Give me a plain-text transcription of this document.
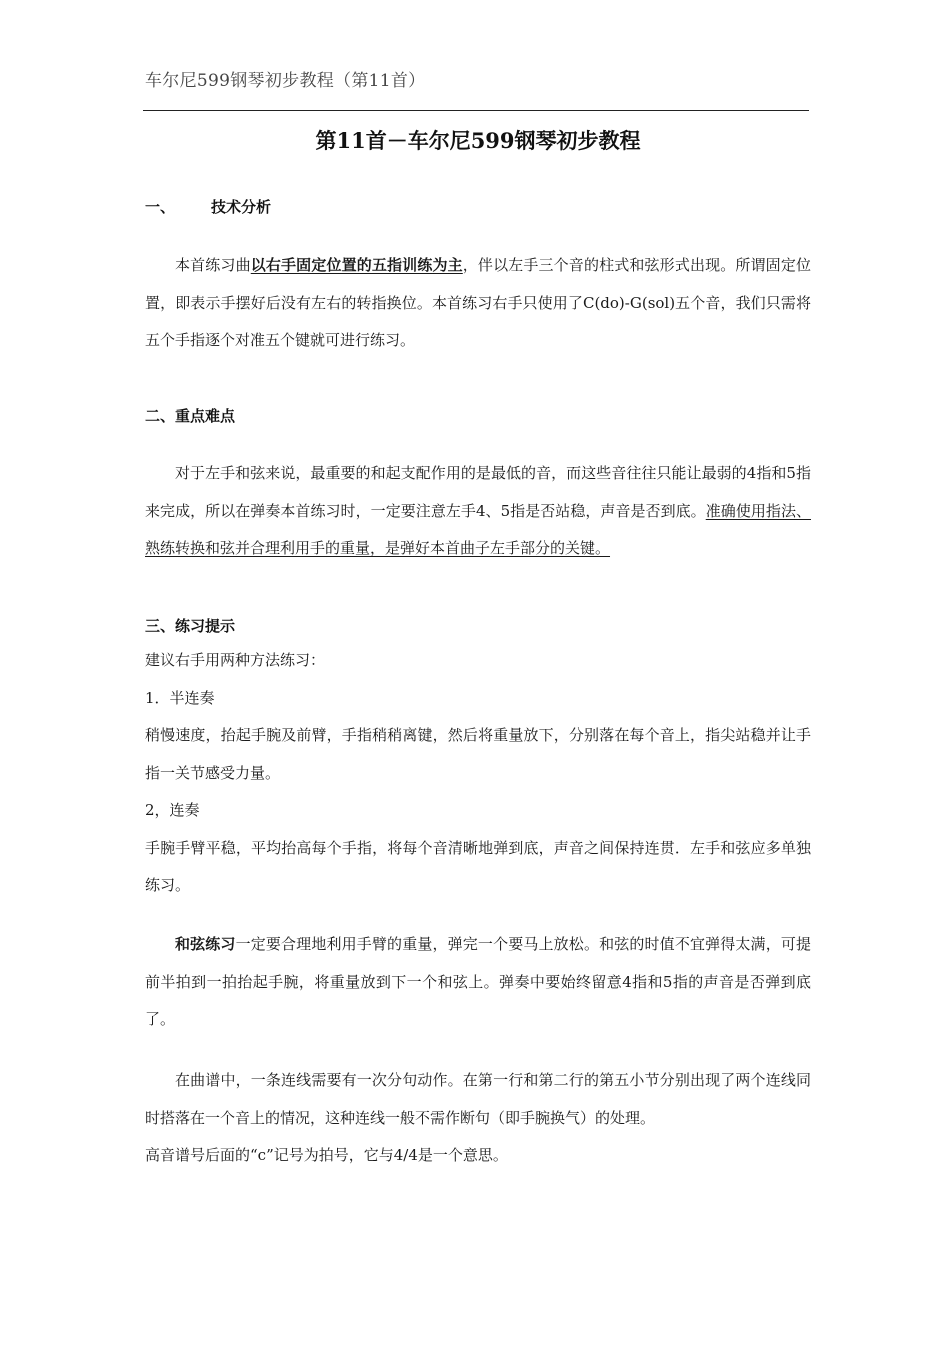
车尔尼599钢琴初步教程（第11首）
第11首－车尔尼599钢琴初步教程
一、 技术分析

本首练习曲以右手固定位置的五指训练为主，伴以左手三个音的柱式和弦形式出现。所谓固定位置，即表示手摆好后没有左右的转指换位。本首练习右手只使用了C(do)-G(sol)五个音，我们只需将五个手指逐个对准五个键就可进行练习。

二、重点难点

对于左手和弦来说，最重要的和起支配作用的是最低的音，而这些音往往只能让最弱的4指和5指来完成，所以在弹奏本首练习时，一定要注意左手4、5指是否站稳，声音是否到底。准确使用指法、熟练转换和弦并合理利用手的重量，是弹好本首曲子左手部分的关键。

三、练习提示

建议右手用两种方法练习：

1．半连奏

稍慢速度，抬起手腕及前臂，手指稍稍离键，然后将重量放下，分别落在每个音上，指尖站稳并让手指一关节感受力量。

2，连奏

手腕手臂平稳，平均抬高每个手指，将每个音清晰地弹到底，声音之间保持连贯．左手和弦应多单独练习。

和弦练习一定要合理地利用手臂的重量，弹完一个要马上放松。和弦的时值不宜弹得太满，可提前半拍到一拍抬起手腕，将重量放到下一个和弦上。弹奏中要始终留意4指和5指的声音是否弹到底了。

在曲谱中，一条连线需要有一次分句动作。在第一行和第二行的第五小节分别出现了两个连线同时搭落在一个音上的情况，这种连线一般不需作断句（即手腕换气）的处理。

高音谱号后面的“c”记号为拍号，它与4/4是一个意思。
